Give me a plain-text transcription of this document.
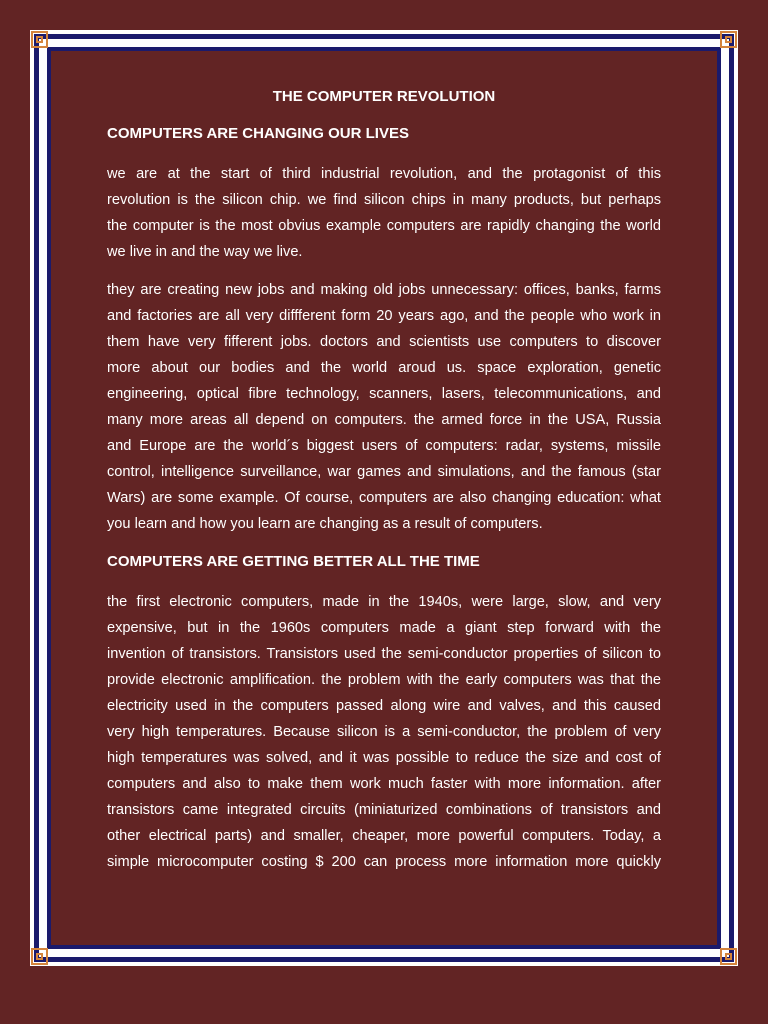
THE COMPUTER REVOLUTION
COMPUTERS ARE CHANGING OUR LIVES
we are at the start of third industrial revolution, and the protagonist of this
revolution is the silicon chip. we find silicon chips in many products, but perhaps
the computer is the most obvius example computers are rapidly changing the world
we live in and the way we live.
they are creating new jobs and making old jobs unnecessary: offices, banks, farms
and factories are all very diffferent form 20 years ago, and the people who work in
them have very fifferent jobs. doctors and scientists use computers to discover
more about our bodies and the world aroud us. space exploration, genetic
engineering, optical fibre technology, scanners, lasers, telecommunications, and
many more areas all depend on computers. the armed force in the USA, Russia
and Europe are the world´s biggest users of computers: radar, systems, missile
control, intelligence surveillance, war games and simulations, and the famous (star
Wars) are some example. Of course, computers are also changing education: what
you learn and how you learn are changing as a result of computers.
COMPUTERS ARE GETTING BETTER ALL THE TIME
the first electronic computers, made in the 1940s, were large, slow, and very
expensive, but in the 1960s computers made a giant step forward with the
invention of transistors. Transistors used the semi-conductor properties of silicon to
provide electronic amplification. the problem with the early computers was that the
electricity used in the computers passed along wire and valves, and this caused
very high temperatures. Because silicon is a semi-conductor, the problem of very
high temperatures was solved, and it was possible to reduce the size and cost of
computers and also to make them work much faster with more information. after
transistors came integrated circuits (miniaturized combinations of transistors and
other electrical parts) and smaller, cheaper, more powerful computers. Today, a
simple microcomputer costing $ 200 can process more information more quickly
